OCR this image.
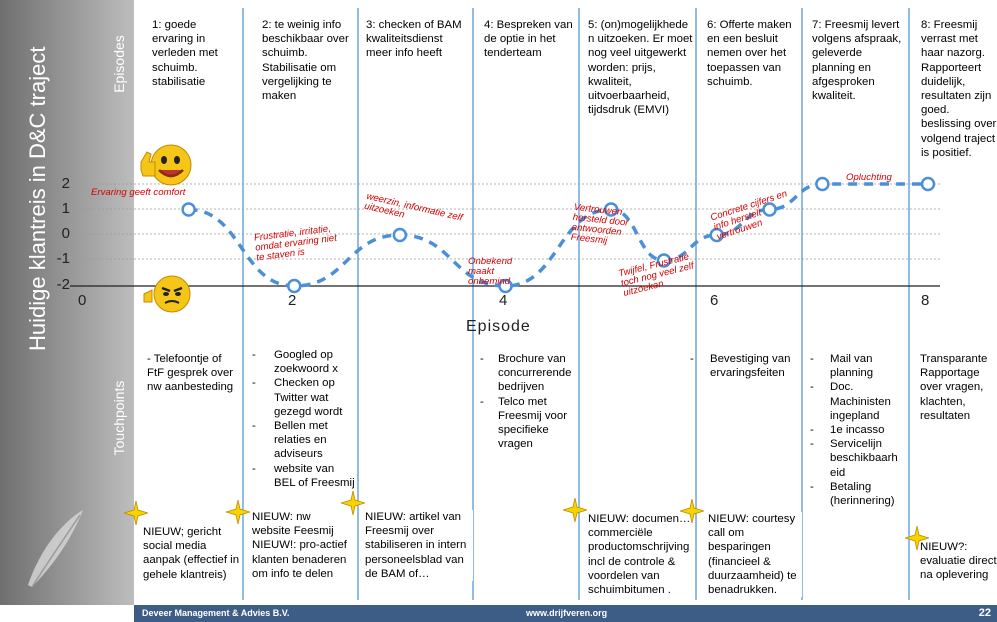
Huidige klantreis in D&C traject	Episodes
Touchpoints
2
1
0
-1
-2
0	2	4	6	8
Episode
1: goede ervaring in verleden met schuimb. stabilisatie
2: te weinig info beschikbaar over schuimb. Stabilisatie om vergelijking te maken
3: checken of BAM kwaliteitsdienst meer info heeft
4: Bespreken van de optie in het tenderteam
5: (on)mogelijkhede n uitzoeken. Er moet nog veel uitgewerkt worden: prijs, kwaliteit, uitvoerbaarheid, tijdsdruk (EMVI)
6: Offerte maken en een besluit nemen over het toepassen van schuimb.
7: Freesmij levert volgens afspraak, geleverde planning en afgesproken kwaliteit.
8: Freesmij verrast met haar nazorg. Rapporteert duidelijk, resultaten zijn goed. beslissing over volgend traject is positief.
Ervaring geeft comfort
Frustratie, irritatie, omdat ervaring niet te staven is
weerzin, informatie zelf uitzoeken
Onbekend maakt onbemind
Vertrouwen hersteld door antwoorden Freesmij
Twijfel, Frustratie toch nog veel zelf uitzoeken
Concrete cijfers en info herstelt vertrouwen
Opluchting
- Telefoontje of FtF gesprek over nw aanbesteding
- Googled op zoekwoord x
- Checken op Twitter wat gezegd wordt
- Bellen met relaties en adviseurs
- website van BEL of Freesmij
- Brochure van concurrerende bedrijven
- Telco met Freesmij voor specifieke vragen
- Bevestiging van ervaringsfeiten
- Mail van planning
- Doc. Machinisten ingepland
- 1e incasso
- Servicelijn beschikbaarh eid
- Betaling (herinnering)
Transparante Rapportage over vragen, klachten, resultaten
NIEUW; gericht social media aanpak (effectief in gehele klantreis)
NIEUW: nw website Feesmij NIEUW!: pro-actief klanten benaderen om info te delen
NIEUW: artikel van Freesmij over stabiliseren in intern personeelsblad van de BAM of…
NIEUW: documen… commerciële productomschrijving incl de controle & voordelen van schuimbitumen .
NIEUW: courtesy call om besparingen (financieel & duurzaamheid) te benadrukken.
NIEUW?: evaluatie direct na oplevering
Deveer Management & Advies B.V.	www.drijfveren.org	22
